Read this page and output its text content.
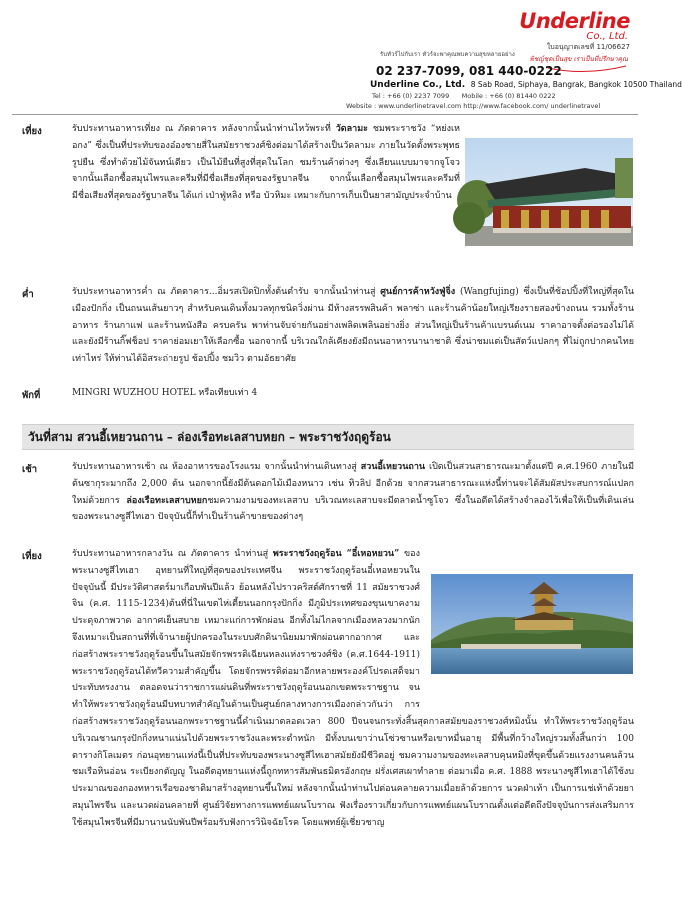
Underline
Co., Ltd.
ใบอนุญาตเลขที่ 11/06627
รับทัวร์ไปกับเรา ทัวร์จะพาคุณพบความสุขหลายอย่าง
พิชญ์ชุดเป็นสุข เราเป็นที่ปรึกษาคุณ
02 237-7099, 081 440-0222
Underline Co., Ltd. 8 Sab Road, Siphaya, Bangrak, Bangkok 10500 Thailand
Tel : +66 (0) 2237 7099 Mobile : +66 (0) 81440 0222
Website : www.underlinetravel.com http://www.facebook.com/ underlinetravel
เที่ยง	รับประทานอาหารเที่ยง ณ ภัตตาคาร หลังจากนั้นนำท่านไหว้พระที่ วัดลามะ ชมพระราชวัง “หย่งเหอกง” ซึ่งเป็นที่ประทับของอ๋องชายสี่ในสมัยราชวงศ์ชิงต่อมาได้สร้างเป็นวัดลามะ ภายในวัดตั้งพระพุทธรูปยืน ซึ่งทำด้วยไม้จันทน์เดียว เป็นไม้ยืนที่สูงที่สุดในโลก ชมร้านค้าต่างๆ ซึ่งเลียนแบบมาจากจูโจว จากนั้นเลือกซื้อสมุนไพรและครีมที่มีชื่อเสียงที่สุดของรัฐบาลจีน จากนั้นเลือกซื้อสมุนไพรและครีมที่มีชื่อเสียงที่สุดของรัฐบาลจีน ได้แก่ เป่าฟู่หลิง หรือ บัวหิมะ เหมาะกับการเก็บเป็นยาสามัญประจำบ้าน
ค่ำ	รับประทานอาหารค่ำ ณ ภัตตาคาร...อิ่มรสเปิดปิกทั้งต้นตำรับ จากนั้นนำท่านสู่ ศูนย์การค้าหวังฟู่จิ่ง (Wangfujing) ซึ่งเป็นที่ช้อปปิ้งที่ใหญ่ที่สุดในเมืองปักกิ่ง เป็นถนนเส้นยาวๆ สำหรับคนเดินทั้งมวลทุกชนิดวิ่งผ่าน มีห้างสรรพสินค้า พลาซ่า และร้านค้าน้อยใหญ่เรียงรายสองข้างถนน รวมทั้งร้านอาหาร ร้านกาแฟ และร้านหนังสือ ครบครัน พาท่านจับจ่ายกันอย่างเพลิดเพลินอย่างยิ่ง ส่วนใหญ่เป็นร้านค้าแบรนด์เนม ราคาอาจตั้งต่อรองไม่ได้ และยังมีร้านกิ๊ฟช็อป ราคาย่อมเยาให้เลือกซื้อ นอกจากนี้ บริเวณใกล้เคียงยังมีถนนอาหารนานาชาติ ซึ่งน่าชมแต่เป็นสัตว์แปลกๆ ที่ไม่ถูกปากคนไทยเท่าไหร่ ให้ท่านได้อิสระถ่ายรูป ช้อปปิ้ง ชมวิว ตามอัธยาศัย
พักที่	MINGRI WUZHOU HOTEL หรือเทียบเท่า 4
วันที่สาม สวนอี้เหยวนถาน – ล่องเรือทะเลสาบหยก – พระราชวังฤดูร้อน
เช้า	รับประทานอาหารเช้า ณ ห้องอาหารของโรงแรม จากนั้นนำท่านเดินทางสู่ สวนอี้เหยวนถาน เปิดเป็นสวนสาธารณะมาตั้งแต่ปี ค.ศ.1960 ภายในมีต้นซากุระมากถึง 2,000 ต้น นอกจากนี้ยังมีต้นดอกไม้เมืองหนาว เช่น ทิวลิป อีกด้วย จากสวนสาธารณะแห่งนี้ท่านจะได้สัมผัสประสบการณ์แปลกใหม่ด้วยการ ล่องเรือทะเลสาบหยกชมความงามของทะเลสาบ บริเวณทะเลสาบจะมีตลาดน้ำซูโจว ซึ่งในอดีตได้สร้างจำลองไว้เพื่อให้เป็นที่เดินเล่นของพระนางซูสีไทเฮา ปัจจุบันนี้ก็ทำเป็นร้านค้าขายของต่างๆ
เที่ยง	รับประทานอาหารกลางวัน ณ ภัตตาคาร นำท่านสู่ พระราชวังฤดูร้อน “อี๋เหอหยวน” ของพระนางซูสีไทเฮา อุทยานที่ใหญ่ที่สุดของประเทศจีน พระราชวังฤดูร้อนอี๋เหอหยวนในปัจจุบันนี้ มีประวัติศาสตร์มาเกือบพันปีแล้ว ย้อนหลังไปราวคริสต์ศักราชที่ 11 สมัยราชวงศ์จิน (ค.ศ. 1115-1234)ต้นที่นี่ในเขตไห่เตี้ยนนอกกรุงปักกิ่ง มีภูมิประเทศของขุนเขาคงาม ประดุจภาพวาด อากาศเย็นสบาย เหมาะแก่การพักผ่อน อีกทั้งไม่ไกลจากเมืองหลวงมากนัก จึงเหมาะเป็นสถานที่ที่เจ้านายผู้ปกครองในระบบศักดินานิยมมาพักผ่อนตากอากาศ และก่อสร้างพระราชวังฤดูร้อนขึ้นในสมัยจักรพรรดิเฉียนหลงแห่งราชวงศ์ชิง (ค.ศ.1644-1911) พระราชวังฤดูร้อนได้ทวีความสำคัญขึ้น โดยจักรพรรดิต่อมาอีกหลายพระองค์โปรดเสด็จมาประทับทรงงาน ตลอดจนว่าราชการแผ่นดินที่พระราชวังฤดูร้อนนอกเขตพระราชฐาน จนทำให้พระราชวังฤดูร้อนมีบทบาทสำคัญในด้านเป็นศูนย์กลางทางการเมืองกล่าวกันว่า การก่อสร้างพระราชวังฤดูร้อนนอกพระราชฐานนี้ดำเนินมาตลอดเวลา 800 ปีจนจนกระทั่งสิ้นสุดกาลสมัยของราชวงศ์หมิงนั้น ทำให้พระราชวังฤดูร้อนบริเวณชานกรุงปักกิ่งหนาแน่นไปด้วยพระราชวังและพระตำหนัก มีทั้งบนเขาว่านโซ่วซานหรือเขาหมื่นอายุ มีพื้นที่กว้างใหญ่รวมทั้งสิ้นกว่า 100 ตารางกิโลเมตร ก่อนอุทยานแห่งนี้เป็นที่ประทับของพระนางซูสีไทเฮาสมัยยังมีชีวิตอยู่ ชมความงามของทะเลสาบคุนหมิงที่ขุดขึ้นด้วยแรงงานคนล้วน ชมเรือหินอ่อน ระเบียงกตัญญู ในอดีตอุทยานแห่งนี้ถูกทหารสัมพันธมิตรอังกฤษ ฝรั่งเศสเผาทำลาย ต่อมาเมื่อ ค.ศ. 1888 พระนางซูสีไทเฮาได้ใช้งบประมาณของกองทหารเรือของชาติมาสร้างอุทยานขึ้นใหม่ หลังจากนั้นนำท่านไปต่อนคลายความเมื่อยล้าด้วยการ นวดฝ่าเท้า เป็นการแช่เท้าด้วยยาสมุนไพรจีน และนวดผ่อนคลายที่ ศูนย์วิจัยทางการแพทย์แผนโบราณ ฟังเรื่องราวเกี่ยวกับการแพทย์แผนโบราณตั้งแต่อดีตถึงปัจจุบันการส่งเสริมการใช้สมุนไพรจีนที่มีมานานนับพันปีพร้อมรับฟังการวินิจฉัยโรค โดยแพทย์ผู้เชี่ยวชาญ
